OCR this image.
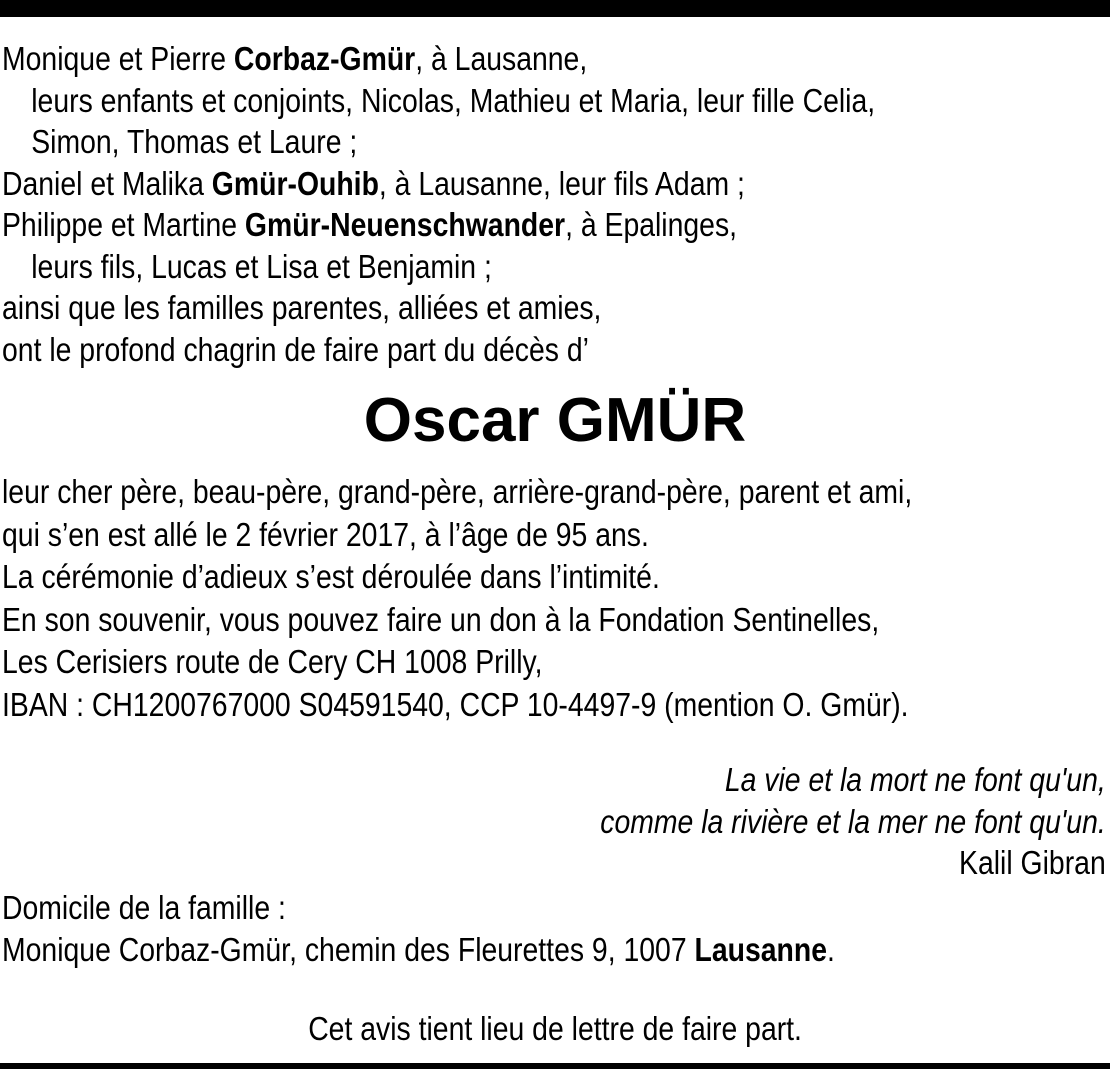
Monique et Pierre Corbaz-Gmür, à Lausanne,
leurs enfants et conjoints, Nicolas, Mathieu et Maria, leur fille Celia,
Simon, Thomas et Laure ;
Daniel et Malika Gmür-Ouhib, à Lausanne, leur fils Adam ;
Philippe et Martine Gmür-Neuenschwander, à Epalinges,
leurs fils, Lucas et Lisa et Benjamin ;
ainsi que les familles parentes, alliées et amies,
ont le profond chagrin de faire part du décès d’
Oscar GMÜR
leur cher père, beau-père, grand-père, arrière-grand-père, parent et ami,
qui s’en est allé le 2 février 2017, à l’âge de 95 ans.
La cérémonie d’adieux s’est déroulée dans l’intimité.
En son souvenir, vous pouvez faire un don à la Fondation Sentinelles,
Les Cerisiers route de Cery CH 1008 Prilly,
IBAN : CH1200767000 S04591540, CCP 10-4497-9 (mention O. Gmür).
La vie et la mort ne font qu'un,
comme la rivière et la mer ne font qu'un.
Kalil Gibran
Domicile de la famille :
Monique Corbaz-Gmür, chemin des Fleurettes 9, 1007 Lausanne.
Cet avis tient lieu de lettre de faire part.
